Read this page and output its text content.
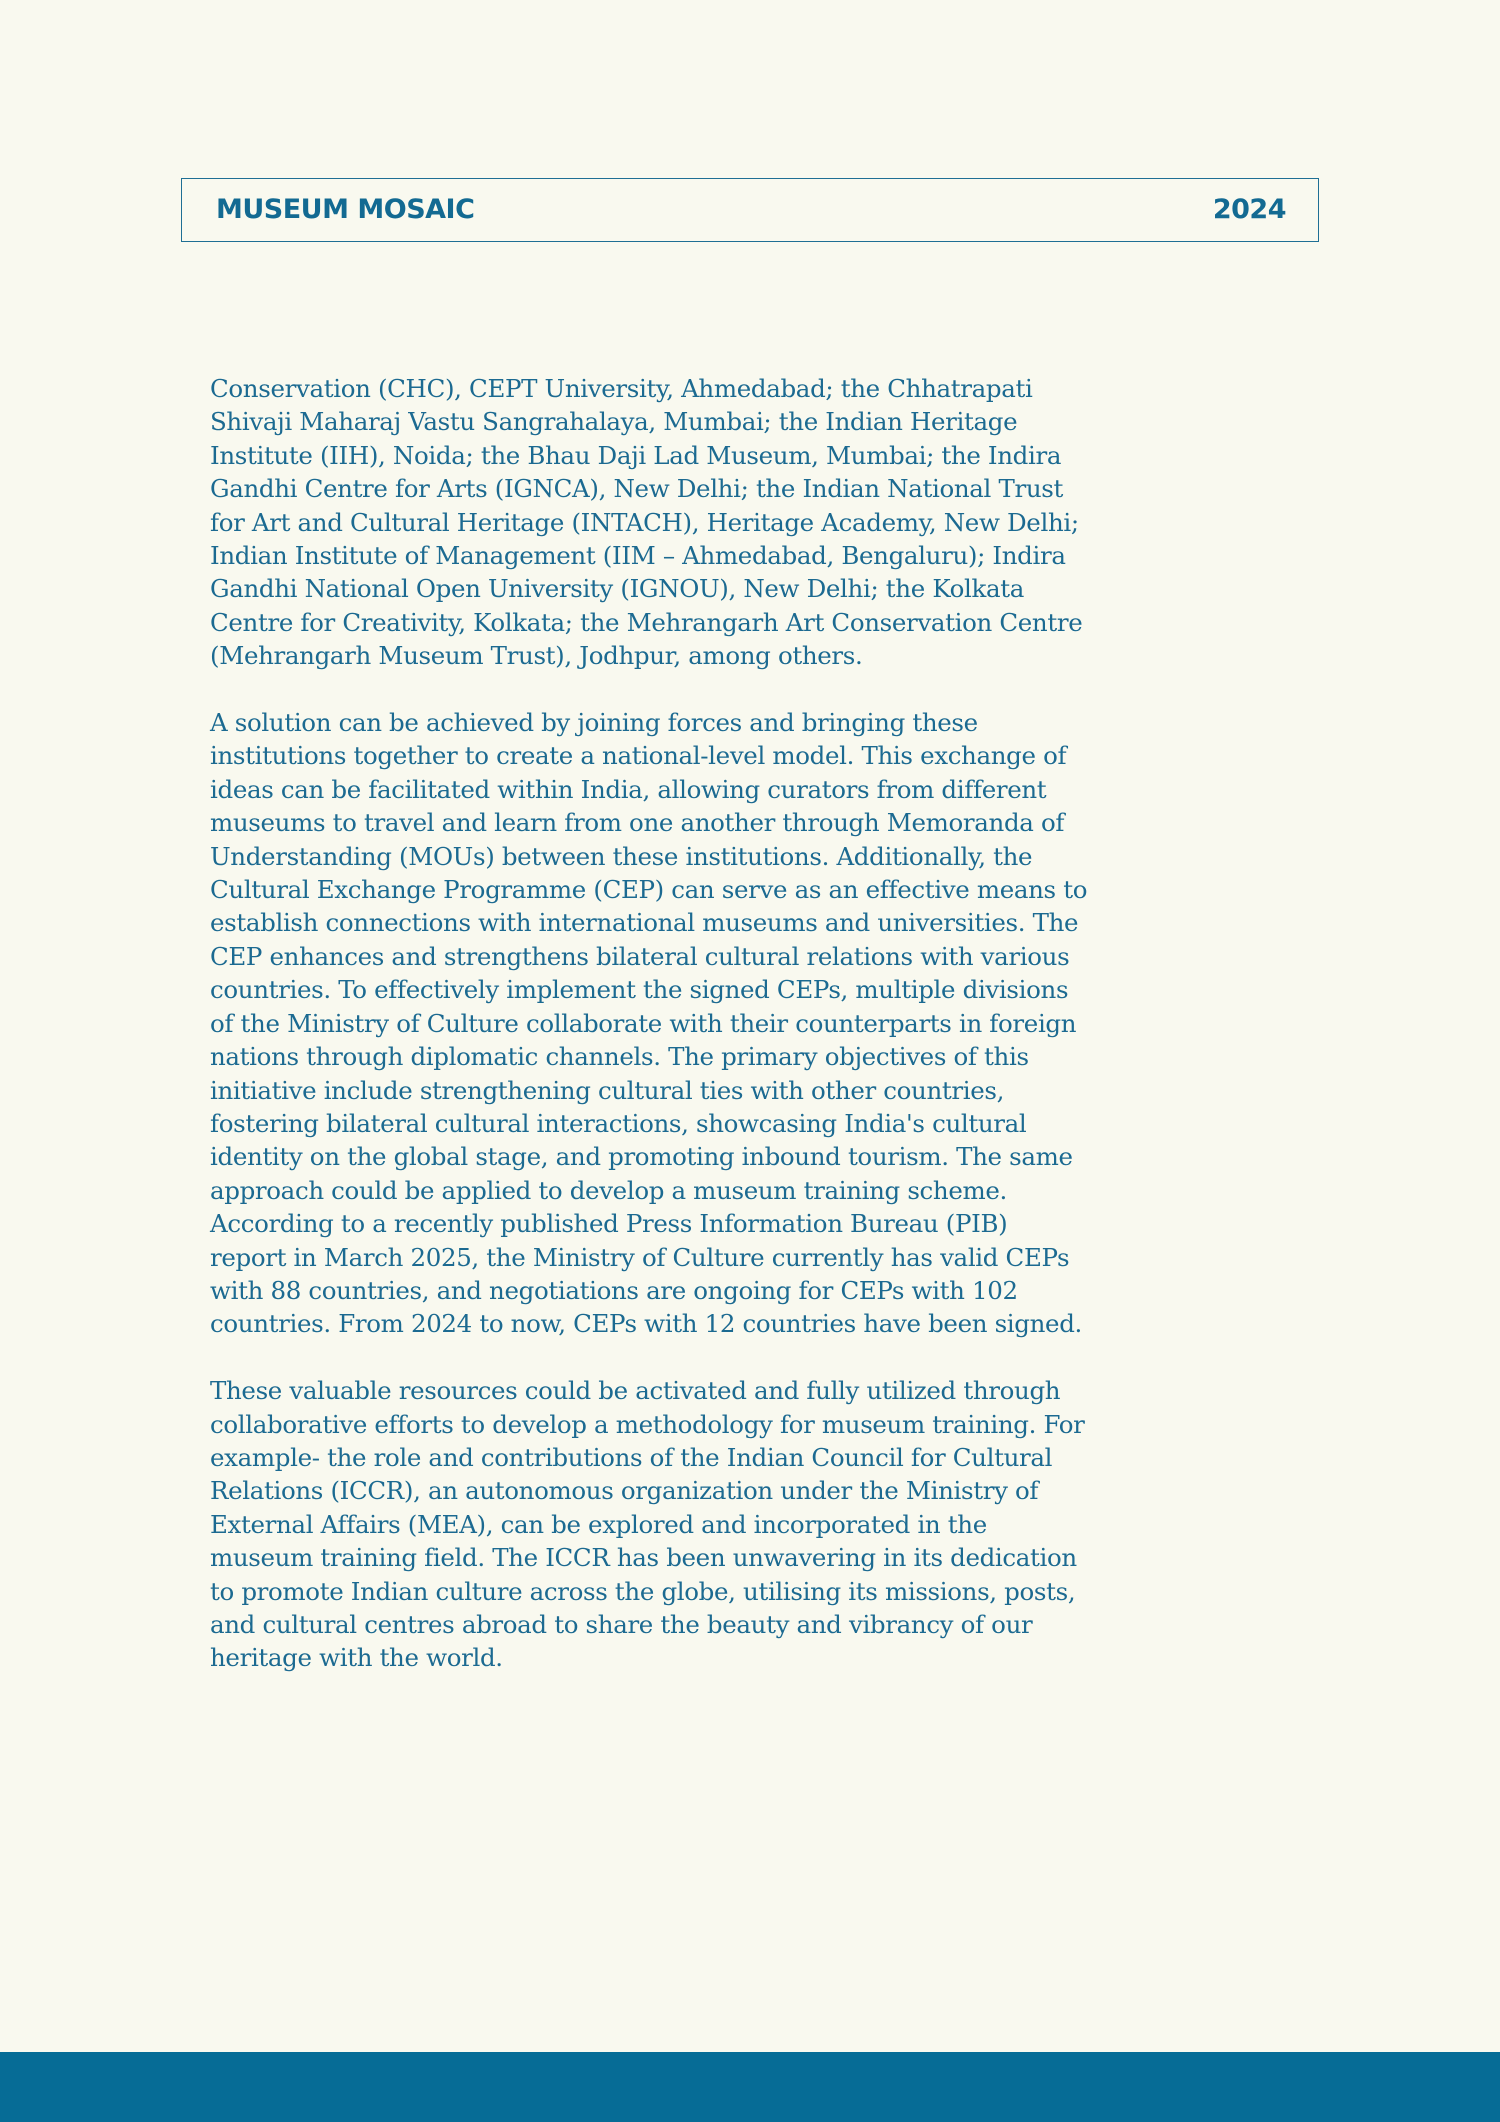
MUSEUM MOSAIC	2024

Conservation (CHC), CEPT University, Ahmedabad; the Chhatrapati Shivaji Maharaj Vastu Sangrahalaya, Mumbai; the Indian Heritage Institute (IIH), Noida; the Bhau Daji Lad Museum, Mumbai; the Indira Gandhi Centre for Arts (IGNCA), New Delhi; the Indian National Trust for Art and Cultural Heritage (INTACH), Heritage Academy, New Delhi; Indian Institute of Management (IIM – Ahmedabad, Bengaluru); Indira Gandhi National Open University (IGNOU), New Delhi; the Kolkata Centre for Creativity, Kolkata; the Mehrangarh Art Conservation Centre (Mehrangarh Museum Trust), Jodhpur, among others.

A solution can be achieved by joining forces and bringing these institutions together to create a national-level model. This exchange of ideas can be facilitated within India, allowing curators from different museums to travel and learn from one another through Memoranda of Understanding (MOUs) between these institutions. Additionally, the Cultural Exchange Programme (CEP) can serve as an effective means to establish connections with international museums and universities. The CEP enhances and strengthens bilateral cultural relations with various countries. To effectively implement the signed CEPs, multiple divisions of the Ministry of Culture collaborate with their counterparts in foreign nations through diplomatic channels. The primary objectives of this initiative include strengthening cultural ties with other countries, fostering bilateral cultural interactions, showcasing India's cultural identity on the global stage, and promoting inbound tourism. The same approach could be applied to develop a museum training scheme. According to a recently published Press Information Bureau (PIB) report in March 2025, the Ministry of Culture currently has valid CEPs with 88 countries, and negotiations are ongoing for CEPs with 102 countries. From 2024 to now, CEPs with 12 countries have been signed.

These valuable resources could be activated and fully utilized through collaborative efforts to develop a methodology for museum training. For example- the role and contributions of the Indian Council for Cultural Relations (ICCR), an autonomous organization under the Ministry of External Affairs (MEA), can be explored and incorporated in the museum training field. The ICCR has been unwavering in its dedication to promote Indian culture across the globe, utilising its missions, posts, and cultural centres abroad to share the beauty and vibrancy of our heritage with the world.
